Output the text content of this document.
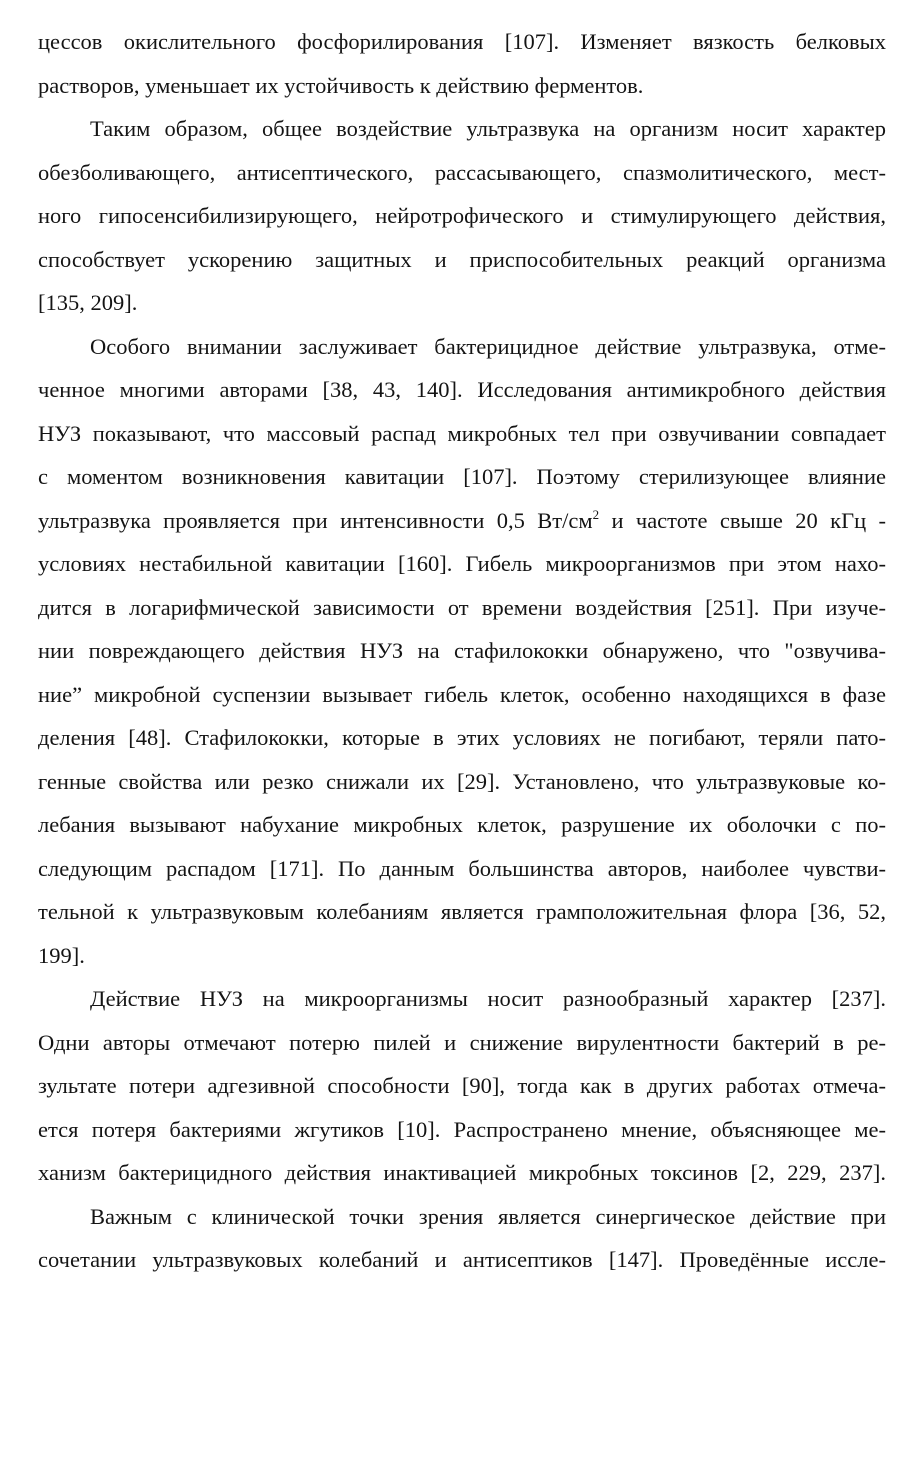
цессов окислительного фосфорилирования [107]. Изменяет вязкость белковых
растворов, уменьшает их устойчивость к действию ферментов.
Таким образом, общее воздействие ультразвука на организм носит характер
обезболивающего, антисептического, рассасывающего, спазмолитического, мест-
ного гипосенсибилизирующего, нейротрофического и стимулирующего действия,
способствует ускорению защитных и приспособительных реакций организма
[135, 209].
Особого внимании заслуживает бактерицидное действие ультразвука, отме-
ченное многими авторами [38, 43, 140]. Исследования антимикробного действия
НУЗ показывают, что массовый распад микробных тел при озвучивании совпадает
с моментом возникновения кавитации [107]. Поэтому стерилизующее влияние
ультразвука проявляется при интенсивности 0,5 $Вт/см^2$ и частоте свыше 20 кГц -
условиях нестабильной кавитации [160]. Гибель микроорганизмов при этом нахо-
дится в логарифмической зависимости от времени воздействия [251]. При изуче-
нии повреждающего действия НУЗ на стафилококки обнаружено, что "озвучива-
ние” микробной суспензии вызывает гибель клеток, особенно находящихся в фазе
деления [48]. Стафилококки, которые в этих условиях не погибают, теряли пато-
генные свойства или резко снижали их [29]. Установлено, что ультразвуковые ко-
лебания вызывают набухание микробных клеток, разрушение их оболочки с по-
следующим распадом [171]. По данным большинства авторов, наиболее чувстви-
тельной к ультразвуковым колебаниям является грамположительная флора [36, 52,
199].
Действие НУЗ на микроорганизмы носит разнообразный характер [237].
Одни авторы отмечают потерю пилей и снижение вирулентности бактерий в ре-
зультате потери адгезивной способности [90], тогда как в других работах отмеча-
ется потеря бактериями жгутиков [10]. Распространено мнение, объясняющее ме-
ханизм бактерицидного действия инактивацией микробных токсинов [2, 229, 237].
Важным с клинической точки зрения является синергическое действие при
сочетании ультразвуковых колебаний и антисептиков [147]. Проведённые иссле-
